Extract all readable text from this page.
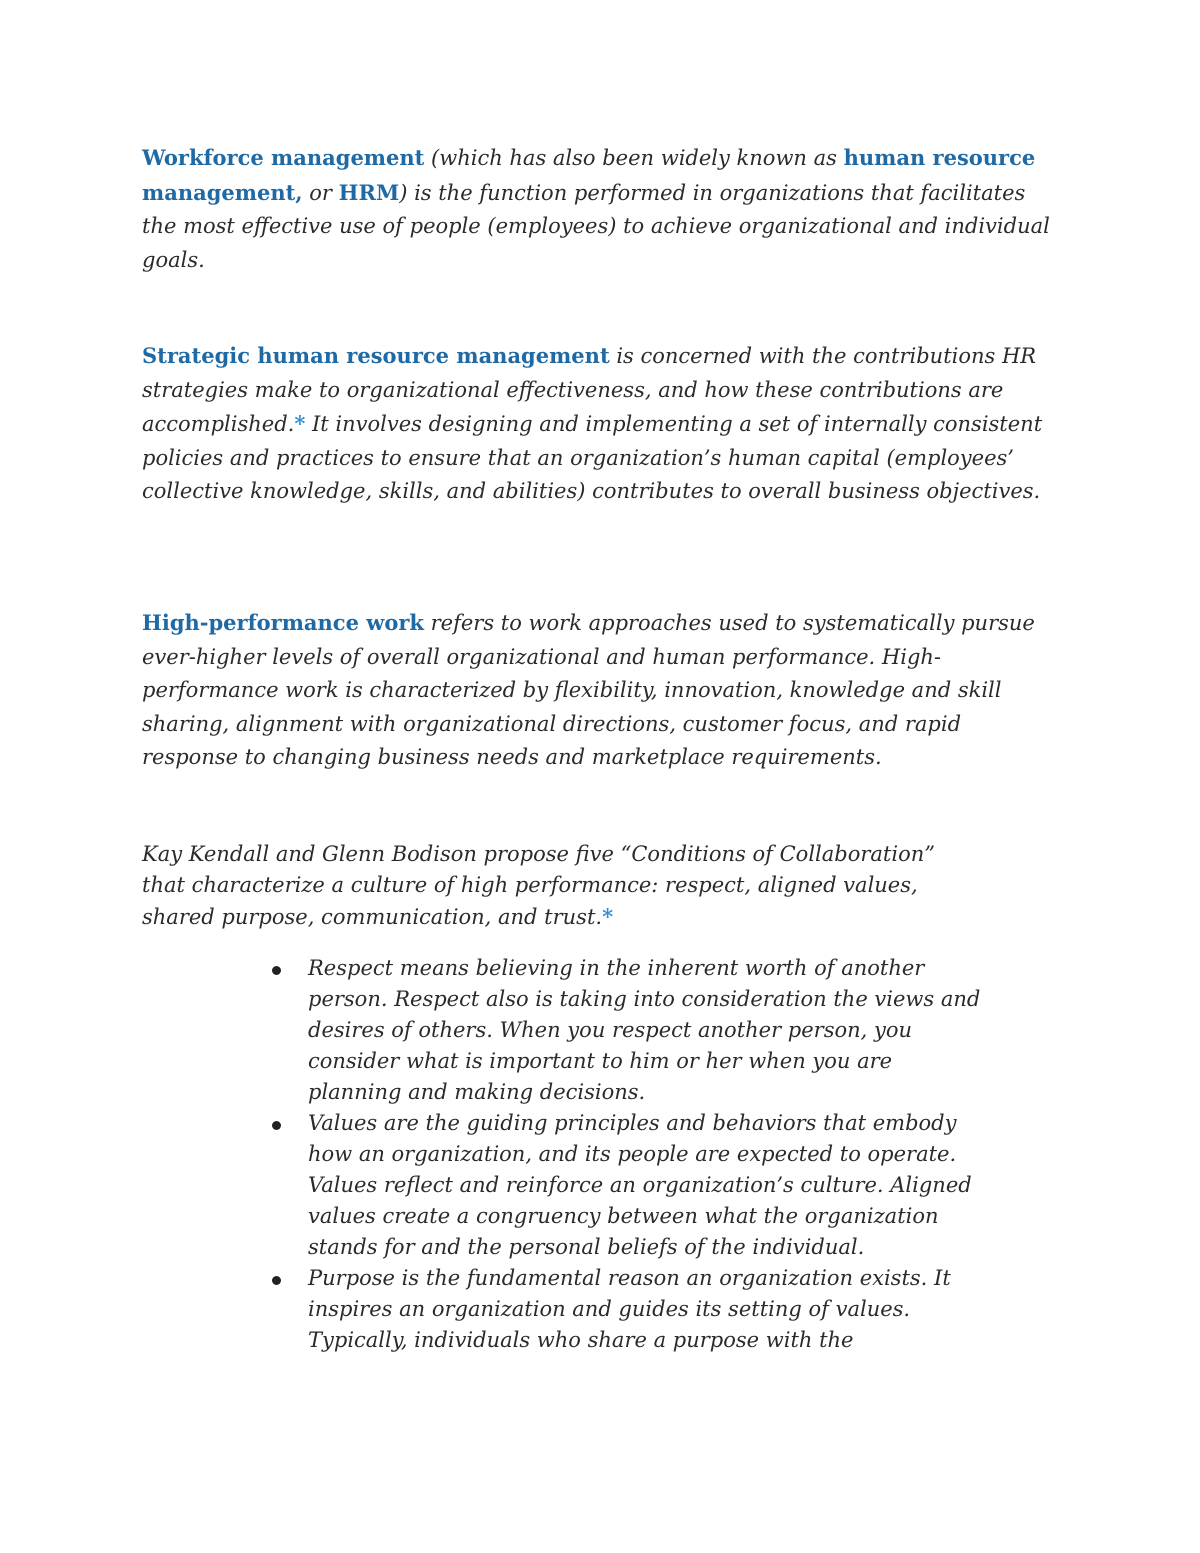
Workforce management (which has also been widely known as human resource management, or HRM) is the function performed in organizations that facilitates the most effective use of people (employees) to achieve organizational and individual goals.

Strategic human resource management is concerned with the contributions HR strategies make to organizational effectiveness, and how these contributions are accomplished.* It involves designing and implementing a set of internally consistent policies and practices to ensure that an organization’s human capital (employees’ collective knowledge, skills, and abilities) contributes to overall business objectives.

High-performance work refers to work approaches used to systematically pursue ever-higher levels of overall organizational and human performance. High-performance work is characterized by flexibility, innovation, knowledge and skill sharing, alignment with organizational directions, customer focus, and rapid response to changing business needs and marketplace requirements.

Kay Kendall and Glenn Bodison propose five “Conditions of Collaboration” that characterize a culture of high performance: respect, aligned values, shared purpose, communication, and trust.*

Respect means believing in the inherent worth of another person. Respect also is taking into consideration the views and desires of others. When you respect another person, you consider what is important to him or her when you are planning and making decisions.
Values are the guiding principles and behaviors that embody how an organization, and its people are expected to operate. Values reflect and reinforce an organization’s culture. Aligned values create a congruency between what the organization stands for and the personal beliefs of the individual.
Purpose is the fundamental reason an organization exists. It inspires an organization and guides its setting of values. Typically, individuals who share a purpose with the
